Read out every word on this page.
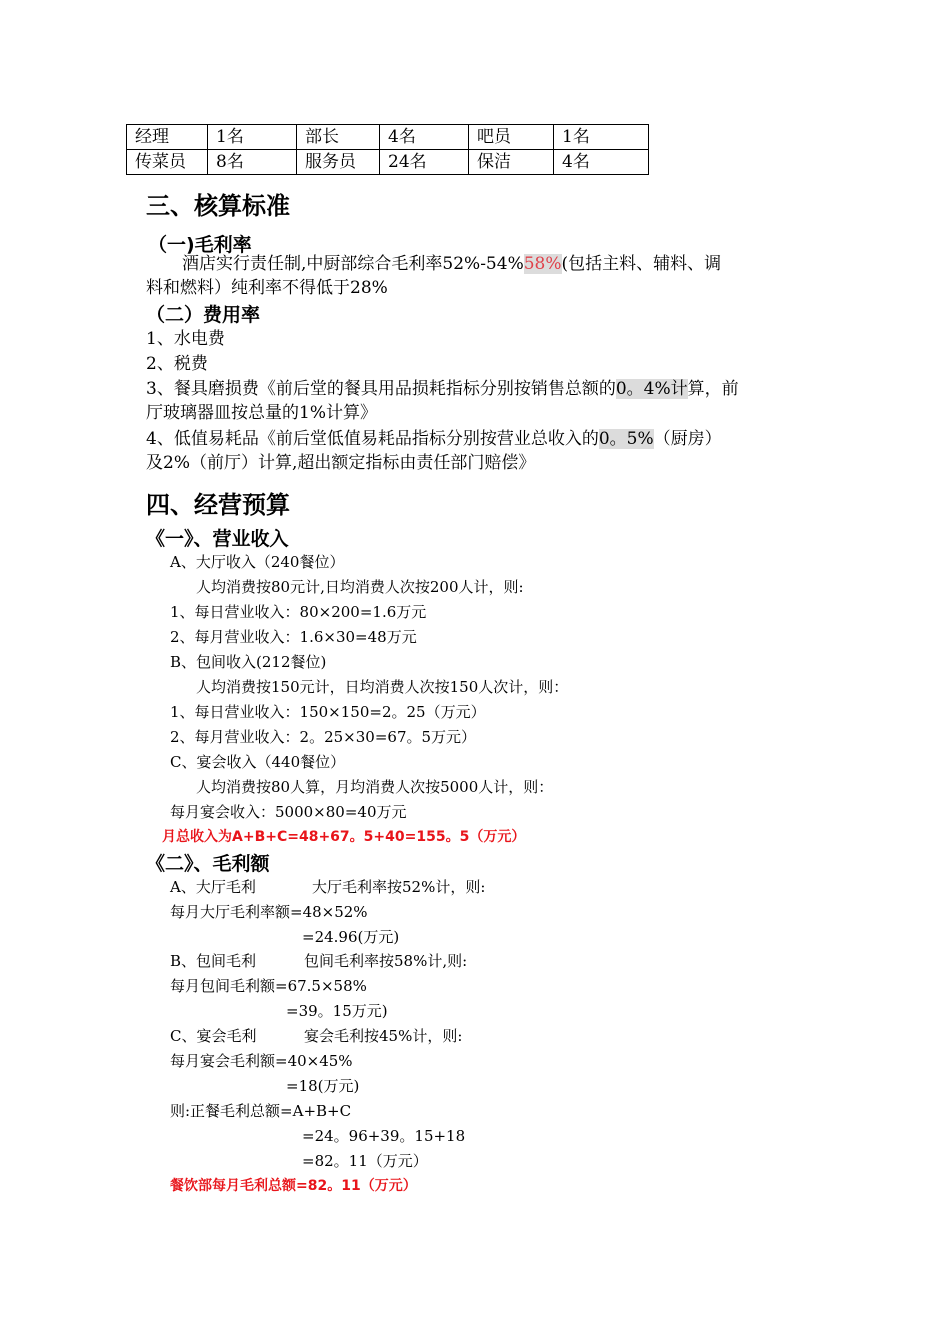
经理	1名	部长	4名	吧员	1名
传菜员	8名	服务员	24名	保洁	4名
三、核算标准
（一)毛利率
酒店实行责任制,中厨部综合毛利率52%-54%58%(包括主料、辅料、调
料和燃料）纯利率不得低于28%
（二）费用率
1、水电费
2、税费
3、餐具磨损费《前后堂的餐具用品损耗指标分别按销售总额的0。4%计算，前
厅玻璃器皿按总量的1%计算》
4、低值易耗品《前后堂低值易耗品指标分别按营业总收入的0。5%（厨房）
及2%（前厅）计算,超出额定指标由责任部门赔偿》
四、经营预算
《一》、营业收入
A、大厅收入（240餐位）
人均消费按80元计,日均消费人次按200人计，则:
1、每日营业收入：80×200=1.6万元
2、每月营业收入：1.6×30=48万元
B、包间收入(212餐位)
人均消费按150元计，日均消费人次按150人次计，则：
1、每日营业收入：150×150=2。25（万元）
2、每月营业收入：2。25×30=67。5万元）
C、宴会收入（440餐位）
人均消费按80人算，月均消费人次按5000人计，则：
每月宴会收入：5000×80=40万元
月总收入为A+B+C=48+67。5+40=155。5（万元）
《二》、毛利额
A、大厅毛利	大厅毛利率按52%计，则:
每月大厅毛利率额=48×52%
=24.96(万元)
B、包间毛利	包间毛利率按58%计,则:
每月包间毛利额=67.5×58%
=39。15万元)
C、宴会毛利	宴会毛利按45%计，则:
每月宴会毛利额=40×45%
=18(万元)
则:正餐毛利总额=A+B+C
=24。96+39。15+18
=82。11（万元）
餐饮部每月毛利总额=82。11（万元）
